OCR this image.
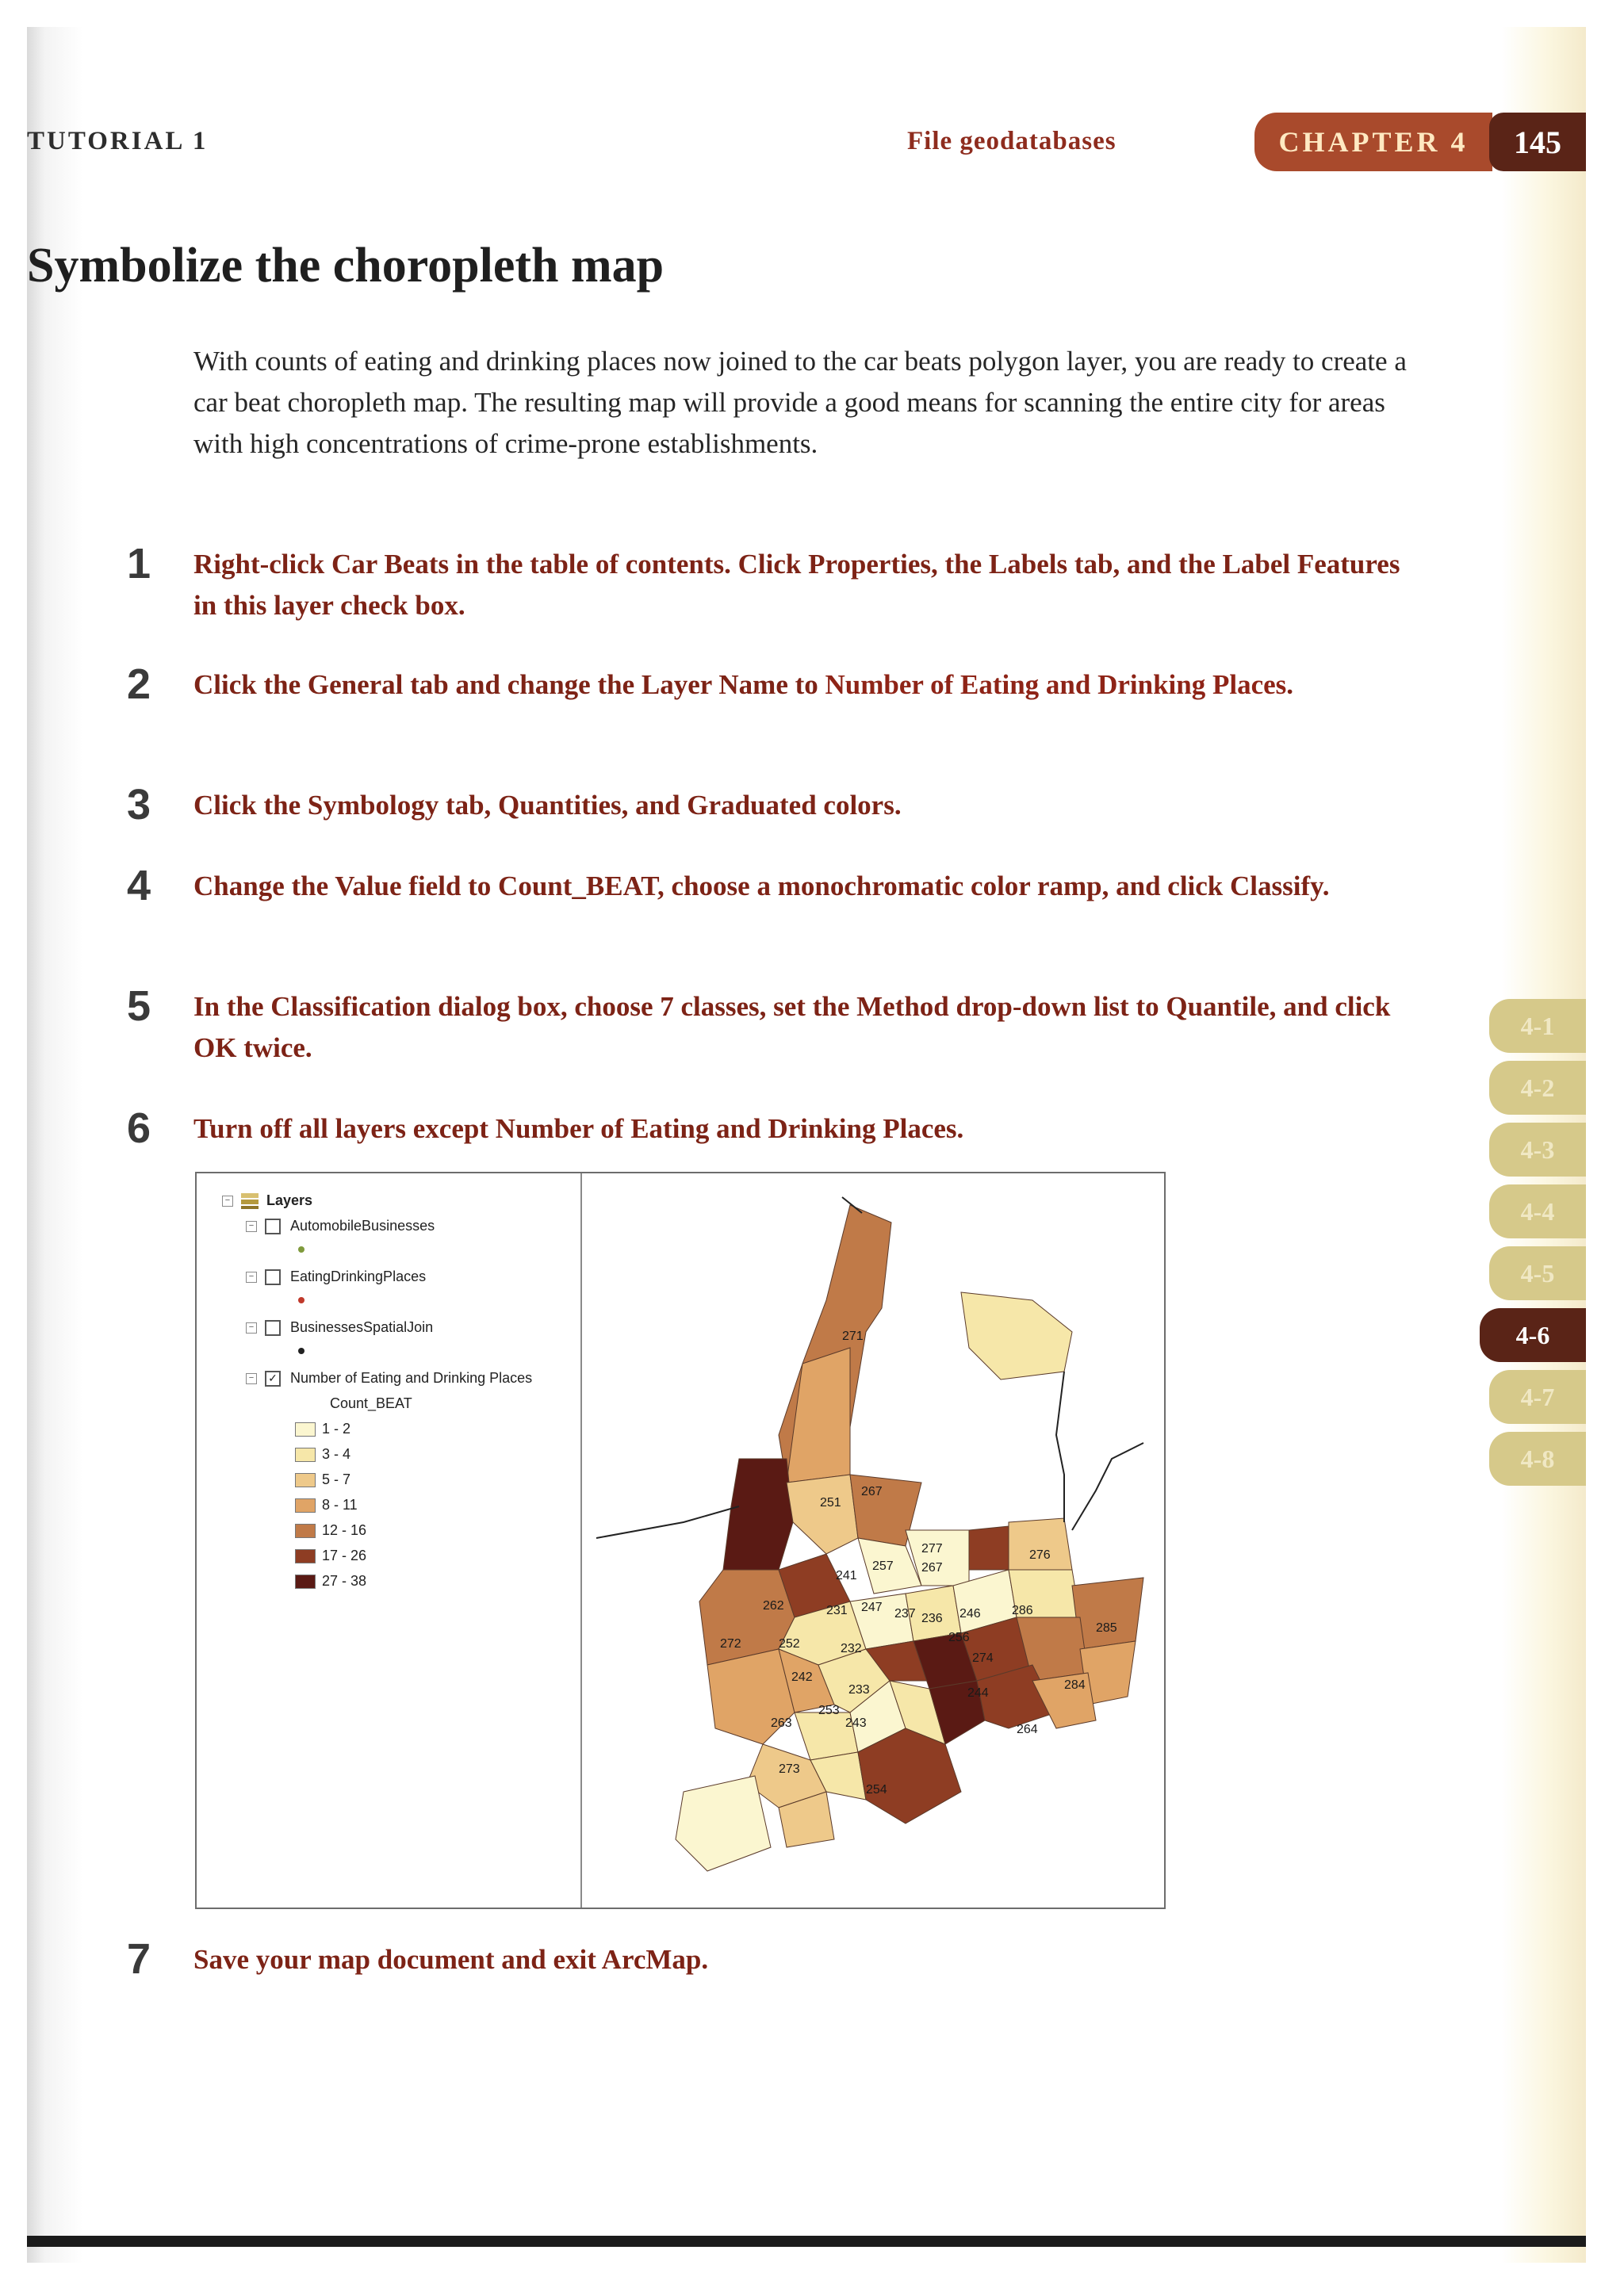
TUTORIAL 1	File geodatabases	CHAPTER 4	145
Symbolize the choropleth map
With counts of eating and drinking places now joined to the car beats polygon layer, you are ready to create a car beat choropleth map. The resulting map will provide a good means for scanning the entire city for areas with high concentrations of crime-prone establishments.
1	Right-click Car Beats in the table of contents. Click Properties, the Labels tab, and the Label Features in this layer check box.
2	Click the General tab and change the Layer Name to Number of Eating and Drinking Places.
3	Click the Symbology tab, Quantities, and Graduated colors.
4	Change the Value field to Count_BEAT, choose a monochromatic color ramp, and click Classify.
5	In the Classification dialog box, choose 7 classes, set the Method drop-down list to Quantile, and click OK twice.
6	Turn off all layers except Number of Eating and Drinking Places.
7	Save your map document and exit ArcMap.
4-1
4-2
4-3
4-4
4-5
4-6
4-7
4-8
−	Layers
−	AutomobileBusinesses
−	EatingDrinkingPlaces
−	BusinessesSpatialJoin
− ✓ Number of Eating and Drinking Places
Count_BEAT
1 - 2
3 - 4
5 - 7
8 - 11
12 - 16
17 - 26
27 - 38
271
251
267
277
257 267
241
276
262	231 247 237 236 246 286
272	252	232
256
274
285
242
233	284
253
243
244
264
263
273
254
